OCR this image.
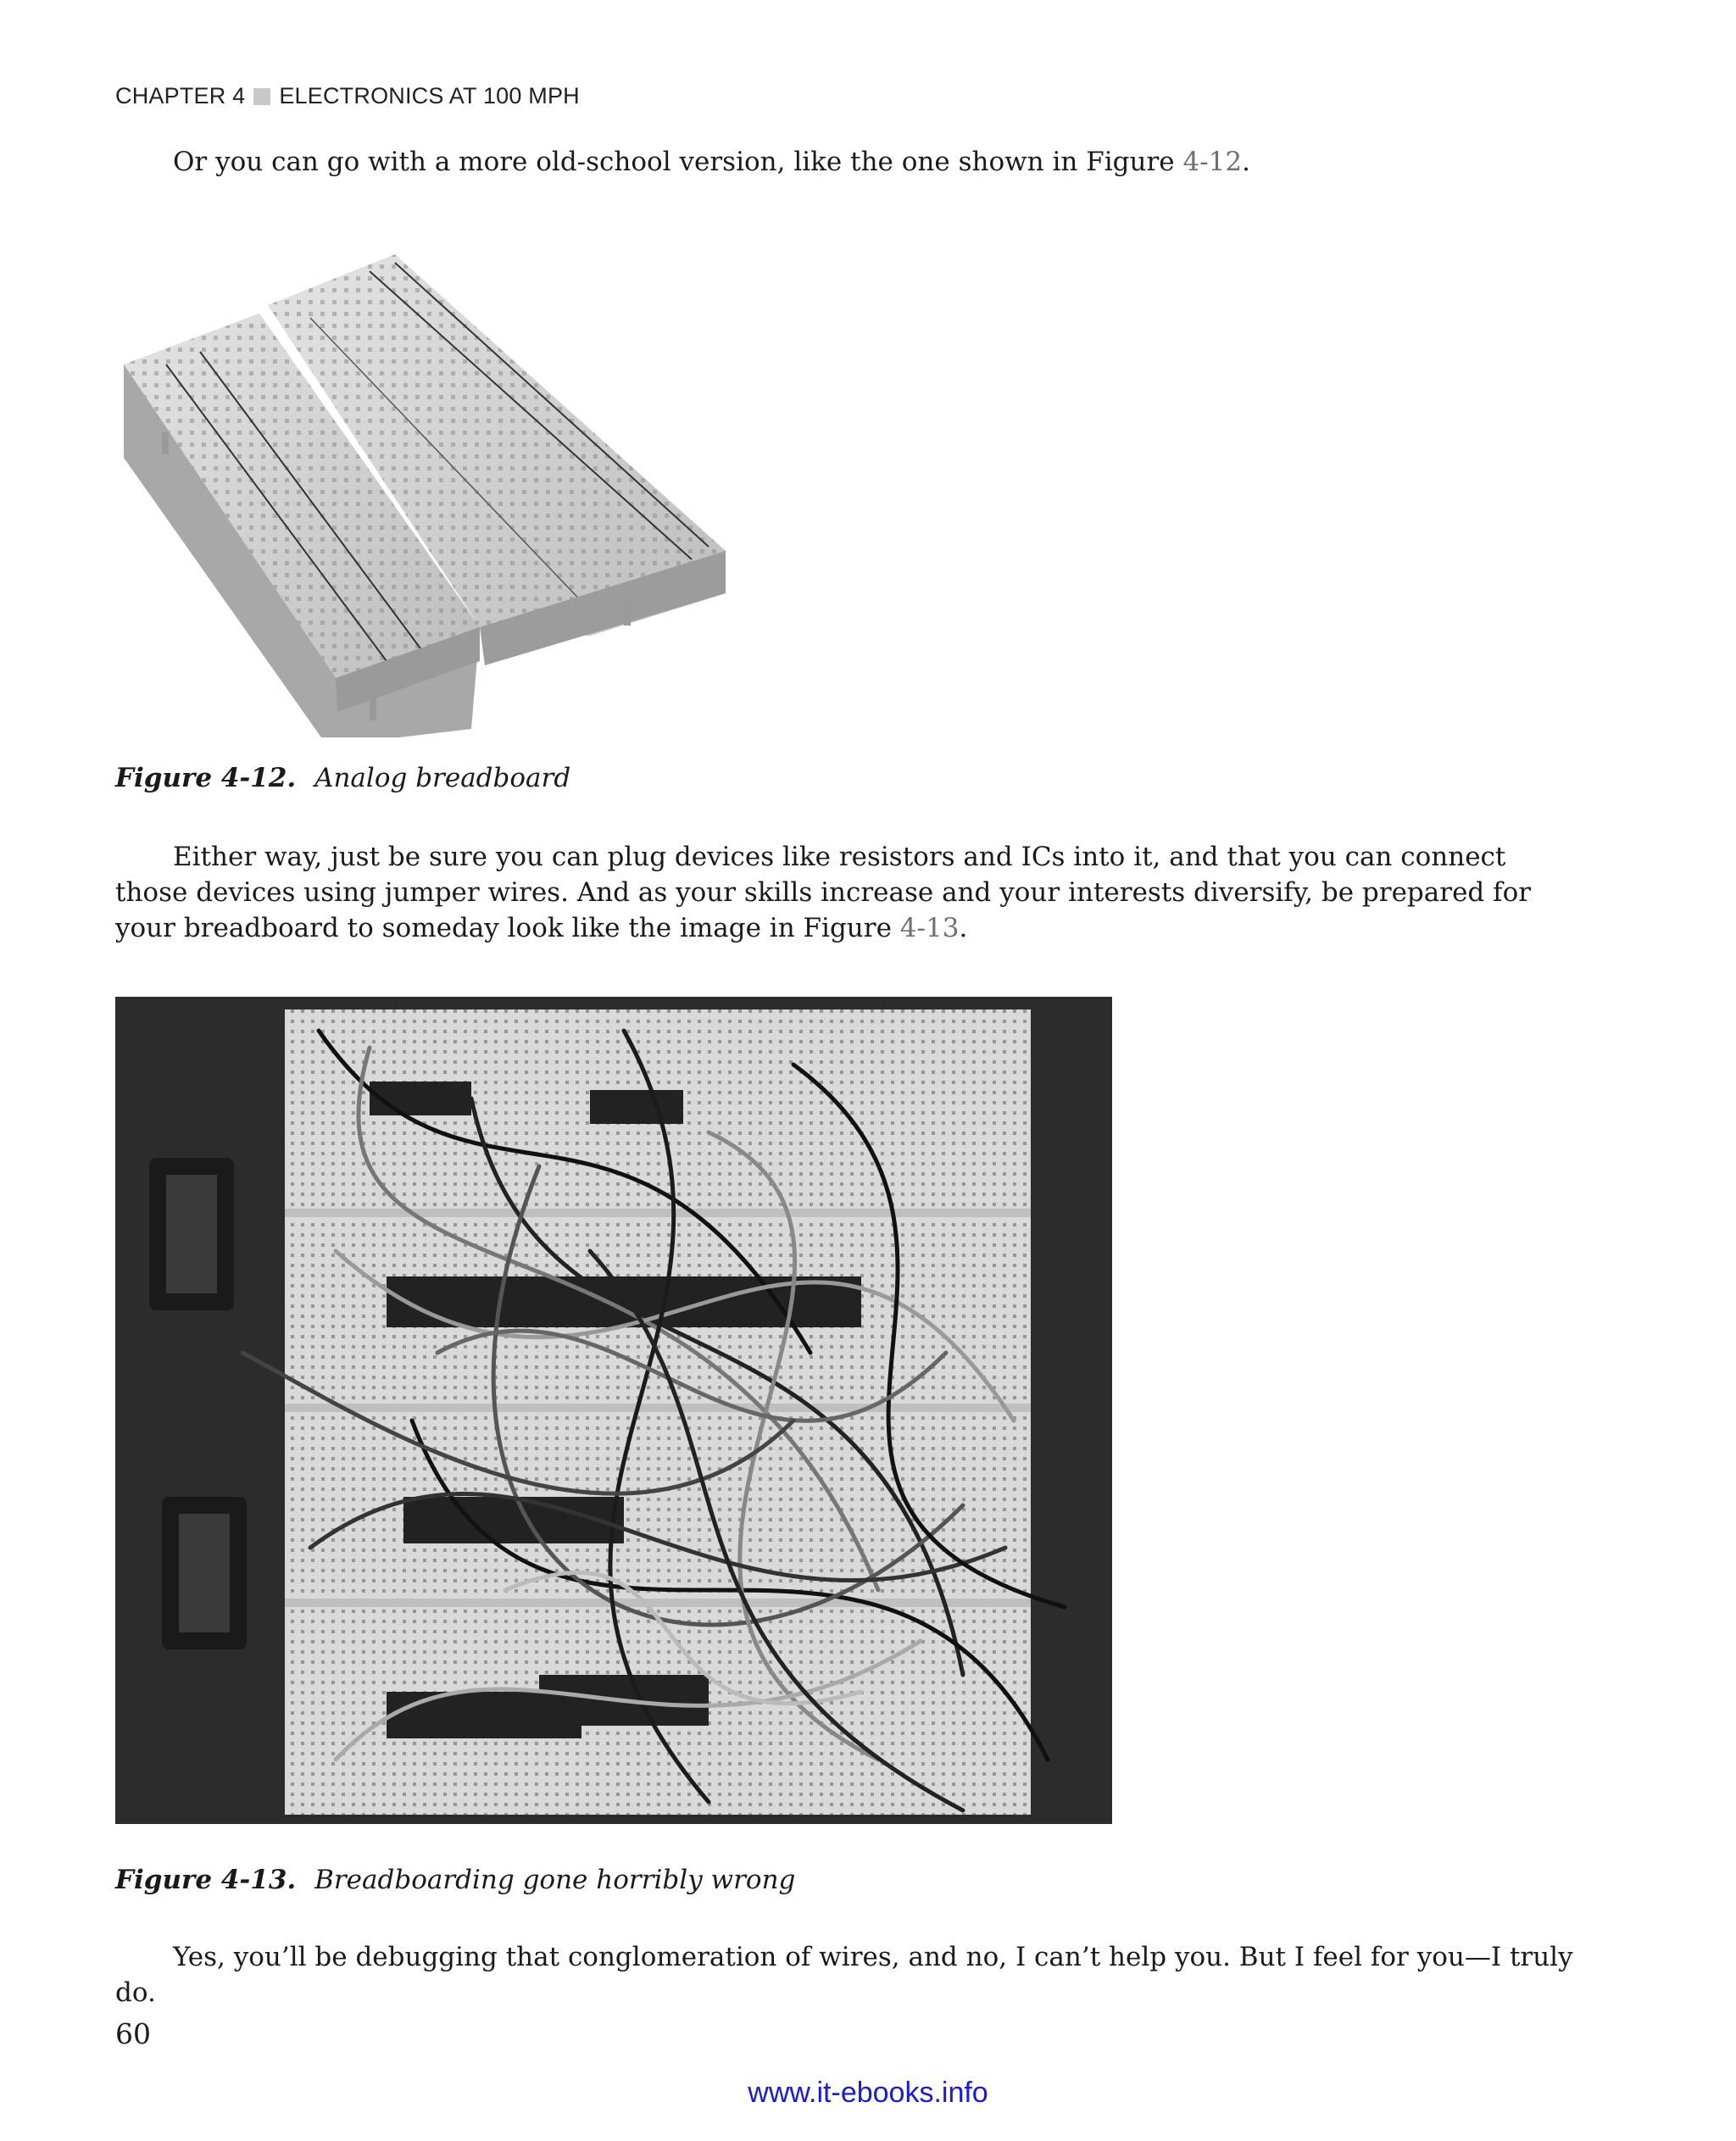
CHAPTER 4 ELECTRONICS AT 100 MPH

Or you can go with a more old-school version, like the one shown in Figure 4-12.

Figure 4-12. Analog breadboard

Either way, just be sure you can plug devices like resistors and ICs into it, and that you can connect those devices using jumper wires. And as your skills increase and your interests diversify, be prepared for your breadboard to someday look like the image in Figure 4-13.

Figure 4-13. Breadboarding gone horribly wrong

Yes, you’ll be debugging that conglomeration of wires, and no, I can’t help you. But I feel for you—I truly do.

60
www.it-ebooks.info
